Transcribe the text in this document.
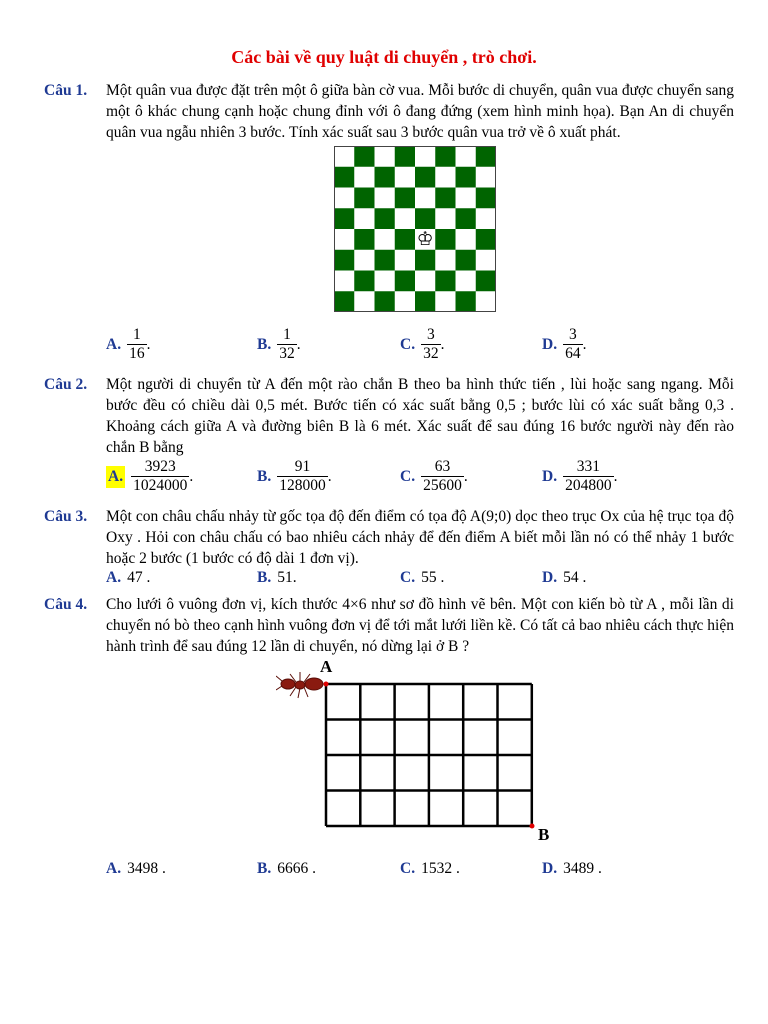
Các bài về quy luật di chuyển , trò chơi.
Câu 1. Một quân vua được đặt trên một ô giữa bàn cờ vua. Mỗi bước di chuyển, quân vua được chuyển sang một ô khác chung cạnh hoặc chung đỉnh với ô đang đứng (xem hình minh họa). Bạn An di chuyển quân vua ngẫu nhiên 3 bước. Tính xác suất sau 3 bước quân vua trở về ô xuất phát.
♔
A. $\frac{1}{16}$ .	B. $\frac{1}{32}$ .	C. $\frac{3}{32}$ .	D. $\frac{3}{64}$ .
Câu 2. Một người di chuyển từ A đến một rào chắn B theo ba hình thức tiến , lùi hoặc sang ngang. Mỗi bước đều có chiều dài 0,5 mét. Bước tiến có xác suất bằng 0,5 ; bước lùi có xác suất bằng 0,3 . Khoảng cách giữa A và đường biên B là 6 mét. Xác suất để sau đúng 16 bước người này đến rào chắn B bằng
A. $\frac{3923}{1024000}$ .	B. $\frac{91}{128000}$ .	C. $\frac{63}{25600}$ .	D. $\frac{331}{204800}$ .
Câu 3. Một con châu chấu nhảy từ gốc tọa độ đến điểm có tọa độ A(9;0) dọc theo trục Ox của hệ trục tọa độ Oxy . Hỏi con châu chấu có bao nhiêu cách nhảy để đến điểm A biết mỗi lần nó có thể nhảy 1 bước hoặc 2 bước (1 bước có độ dài 1 đơn vị).
A. 47 .	B. 51.	C. 55 .	D. 54 .
Câu 4. Cho lưới ô vuông đơn vị, kích thước 4×6 như sơ đồ hình vẽ bên. Một con kiến bò từ A , mỗi lần di chuyển nó bò theo cạnh hình vuông đơn vị để tới mắt lưới liền kề. Có tất cả bao nhiêu cách thực hiện hành trình để sau đúng 12 lần di chuyển, nó dừng lại ở B ?
A
B
A. 3498 .	B. 6666 .	C. 1532 .	D. 3489 .
